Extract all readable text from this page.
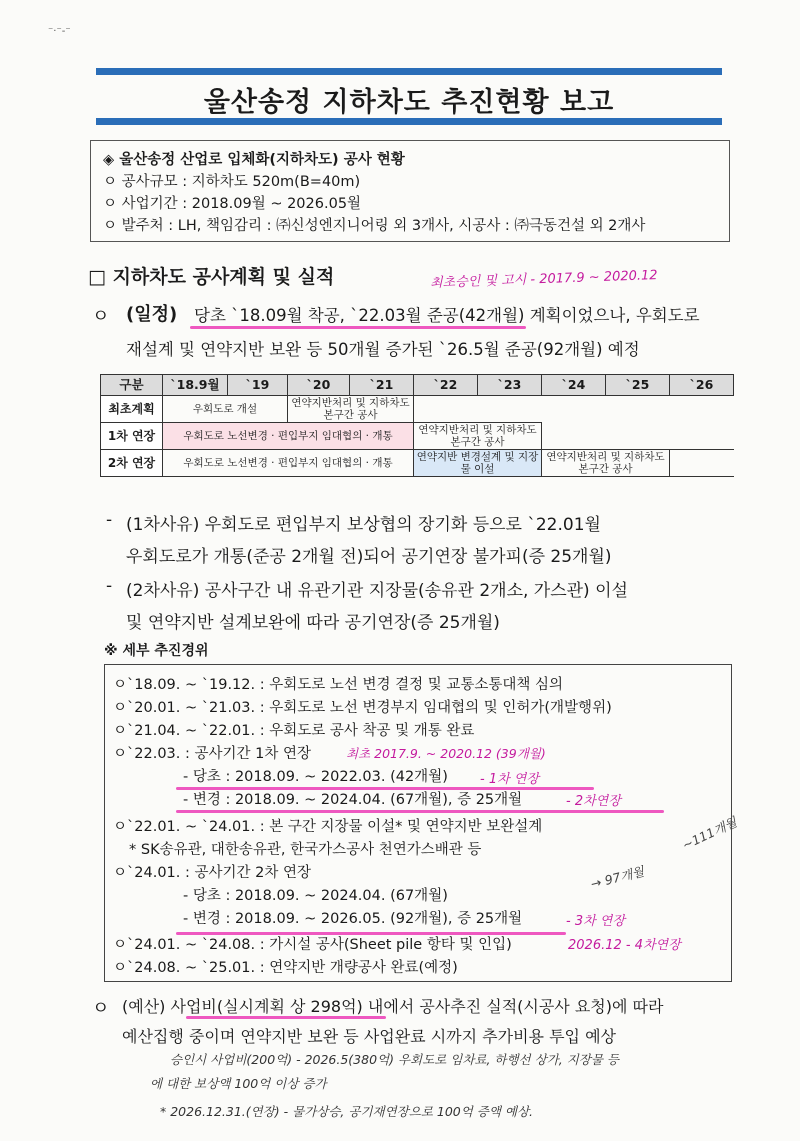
⁻·⁻-⁻
울산송정 지하차도 추진현황 보고
◈ 울산송정 산업로 입체화(지하차도) 공사 현황
ㅇ 공사규모 : 지하차도 520m(B=40m)
ㅇ 사업기간 : 2018.09월 ~ 2026.05월
ㅇ 발주처 : LH, 책임감리 : ㈜신성엔지니어링 외 3개사, 시공사 : ㈜극동건설 외 2개사
□ 지하차도 공사계획 및 실적
ㅇ (일정) 당초 `18.09월 착공, `22.03월 준공(42개월) 계획이었으나, 우회도로
재설계 및 연약지반 보완 등 50개월 증가된 `26.5월 준공(92개월) 예정
구분	`18.9월	`19	`20	`21	`22	`23	`24	`25	`26
최초계획	우회도로 개설		연약지반처리 및 지하차도 본구간 공사						
1차 연장	우회도로 노선변경 · 편입부지 임대협의 · 개통				연약지반처리 및 지하차도 본구간 공사				
2차 연장	우회도로 노선변경 · 편입부지 임대협의 · 개통				연약지반 변경설계 및 지장물 이설		연약지반처리 및 지하차도 본구간 공사		
- (1차사유) 우회도로 편입부지 보상협의 장기화 등으로 `22.01월
우회도로가 개통(준공 2개월 전)되어 공기연장 불가피(증 25개월)
- (2차사유) 공사구간 내 유관기관 지장물(송유관 2개소, 가스관) 이설
및 연약지반 설계보완에 따라 공기연장(증 25개월)
※ 세부 추진경위
ㅇ`18.09. ~ `19.12. : 우회도로 노선 변경 결정 및 교통소통대책 심의
ㅇ`20.01. ~ `21.03. : 우회도로 노선 변경부지 임대협의 및 인허가(개발행위)
ㅇ`21.04. ~ `22.01. : 우회도로 공사 착공 및 개통 완료
ㅇ`22.03. : 공사기간 1차 연장
- 당초 : 2018.09. ~ 2022.03. (42개월)
- 변경 : 2018.09. ~ 2024.04. (67개월), 증 25개월
ㅇ`22.01. ~ `24.01. : 본 구간 지장물 이설* 및 연약지반 보완설계
* SK송유관, 대한송유관, 한국가스공사 천연가스배관 등
ㅇ`24.01. : 공사기간 2차 연장
- 당초 : 2018.09. ~ 2024.04. (67개월)
- 변경 : 2018.09. ~ 2026.05. (92개월), 증 25개월
ㅇ`24.01. ~ `24.08. : 가시설 공사(Sheet pile 항타 및 인입)
ㅇ`24.08. ~ `25.01. : 연약지반 개량공사 완료(예정)
ㅇ (예산) 사업비(실시계획 상 298억) 내에서 공사추진 실적(시공사 요청)에 따라
예산집행 중이며 연약지반 보완 등 사업완료 시까지 추가비용 투입 예상
최초승인 및 고시 - 2017.9 ~ 2020.12
최초 2017.9. ~ 2020.12 (39개월)
- 1차 연장
- 2차연장
~111개월
→ 97개월
- 3차 연장
2026.12 - 4차연장
승인시 사업비(200억) - 2026.5(380억) 우회도로 임차료, 하행선 상가, 지장물 등
에 대한 보상액 100억 이상 증가
* 2026.12.31.(연장) - 물가상승, 공기재연장으로 100억 증액 예상.
